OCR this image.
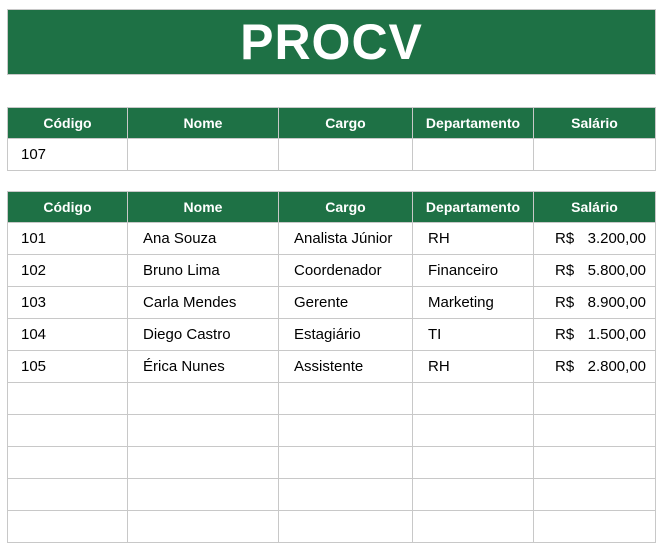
PROCV
Código	Nome	Cargo	Departamento	Salário
107				
Código	Nome	Cargo	Departamento	Salário
101	Ana Souza	Analista Júnior	RH	R$ 3.200,00

102	Bruno Lima	Coordenador	Financeiro	R$ 5.800,00

103	Carla Mendes	Gerente	Marketing	R$ 8.900,00

104	Diego Castro	Estagiário	TI	R$ 1.500,00

105	Érica Nunes	Assistente	RH	R$ 2.800,00
